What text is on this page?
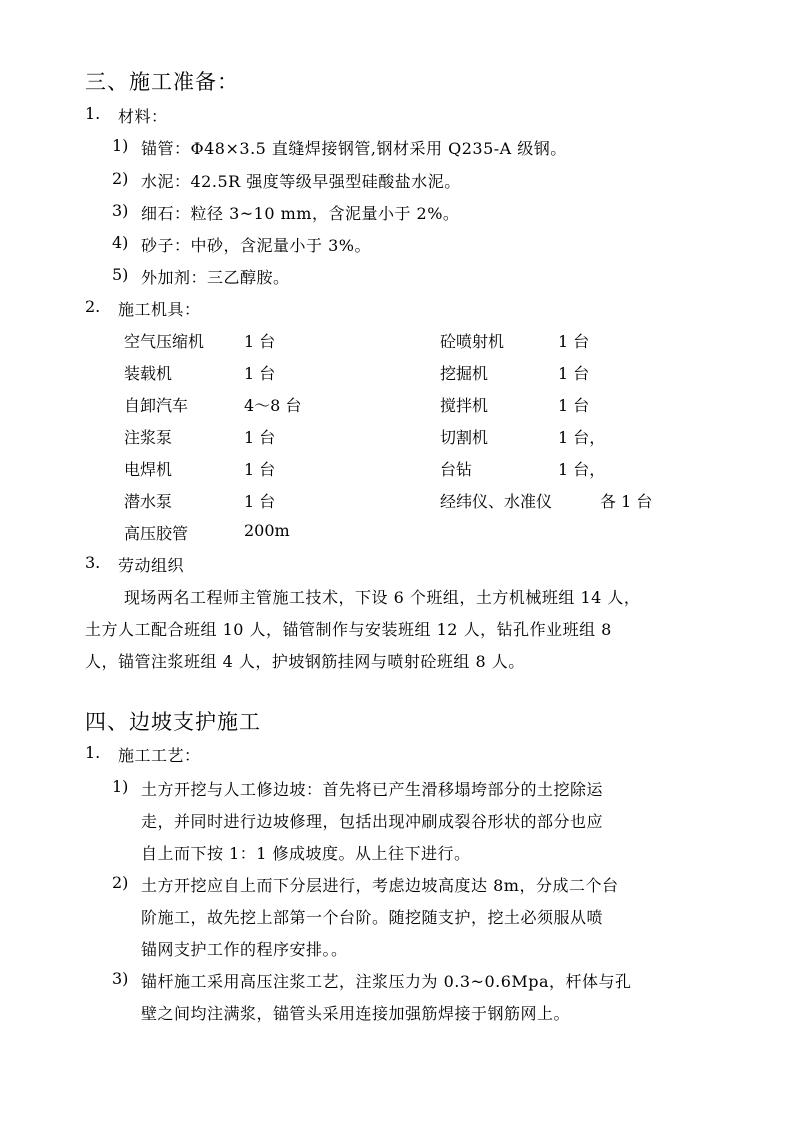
三、施工准备：
1. 材料：
1) 锚管：Φ48×3.5 直缝焊接钢管,钢材采用 Q235-A 级钢。
2) 水泥：42.5R 强度等级早强型硅酸盐水泥。
3) 细石：粒径 3~10 mm，含泥量小于 2%。
4) 砂子：中砂，含泥量小于 3%。
5) 外加剂：三乙醇胺。
2. 施工机具：
空气压缩机 1 台	砼喷射机	1 台
装载机	1 台	挖掘机	1 台
自卸汽车	4～8 台	搅拌机	1 台
注浆泵	1 台	切割机	1 台，
电焊机	1 台	台钻	1 台，
潜水泵	1 台	经纬仪、水准仪	各 1 台
高压胶管	200m
3. 劳动组织
现场两名工程师主管施工技术，下设 6 个班组，土方机械班组 14 人，
土方人工配合班组 10 人，锚管制作与安装班组 12 人，钻孔作业班组 8
人，锚管注浆班组 4 人，护坡钢筋挂网与喷射砼班组 8 人。
四、边坡支护施工
1. 施工工艺：
1) 土方开挖与人工修边坡：首先将已产生滑移塌垮部分的土挖除运
走，并同时进行边坡修理，包括出现冲刷成裂谷形状的部分也应
自上而下按 1：1 修成坡度。从上往下进行。
2) 土方开挖应自上而下分层进行，考虑边坡高度达 8m，分成二个台
阶施工，故先挖上部第一个台阶。随挖随支护，挖土必须服从喷
锚网支护工作的程序安排。。
3) 锚杆施工采用高压注浆工艺，注浆压力为 0.3~0.6Mpa，杆体与孔
壁之间均注满浆，锚管头采用连接加强筋焊接于钢筋网上。
